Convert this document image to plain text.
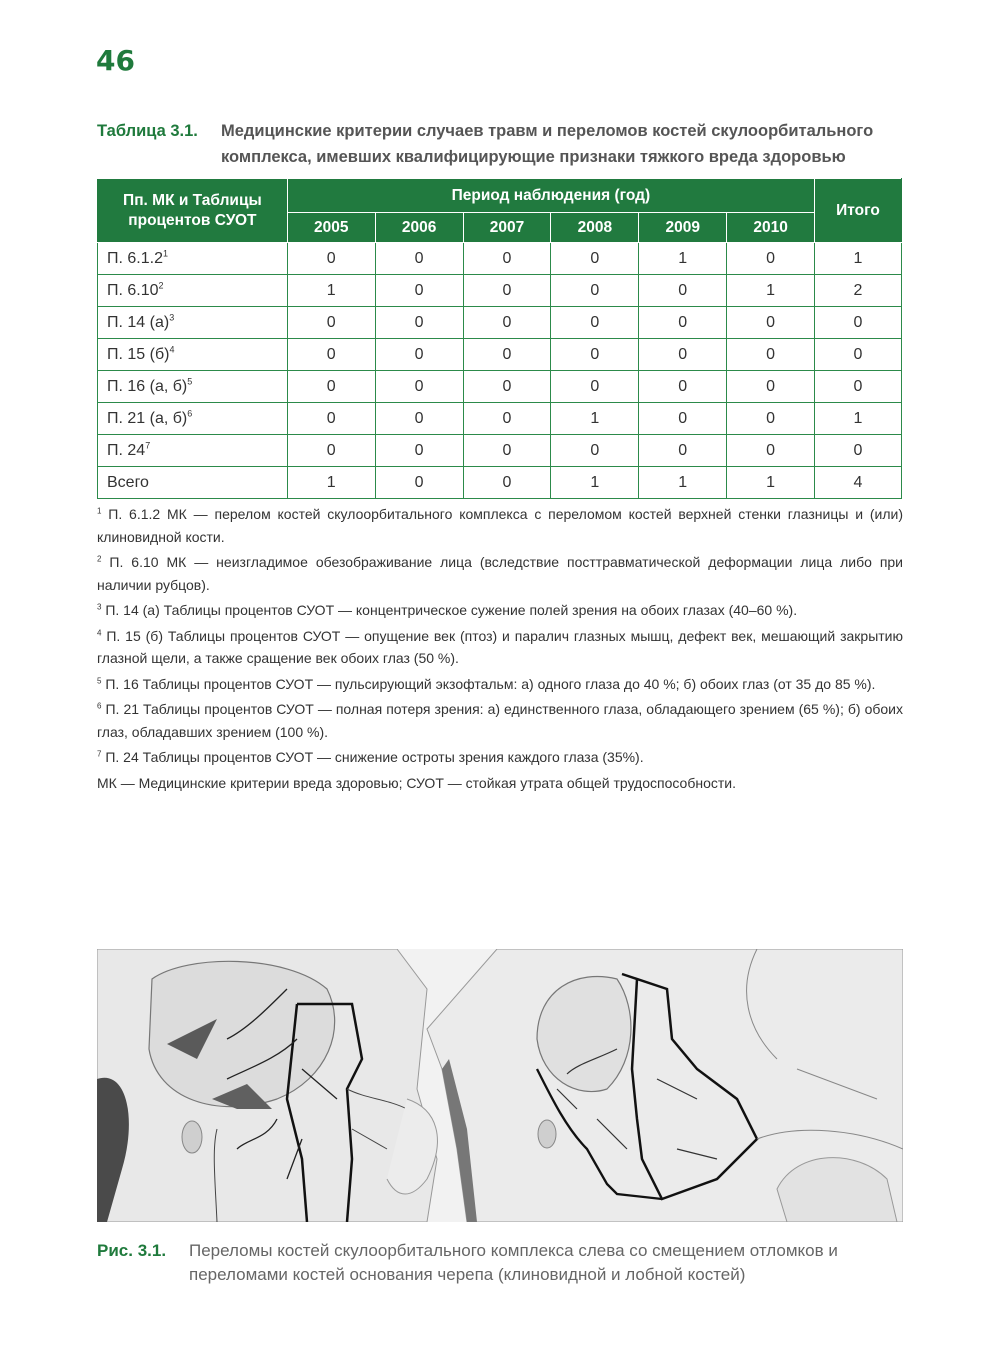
46
Таблица 3.1. Медицинские критерии случаев травм и переломов костей скулоорбитального комплекса, имевших квалифицирующие признаки тяжкого вреда здоровью
Пп. МК и Таблицы процентов СУОТ	Период наблюдения (год)						Итого
	2005	2006	2007	2008	2009	2010	
П. 6.1.2$^1$	0	0	0	0	1	0	1
П. 6.10$^2$	1	0	0	0	0	1	2
П. 14 $(а)^3$	0	0	0	0	0	0	0
П. 15 $(б)^4$	0	0	0	0	0	0	0
П. 16 (а, б)$^5$	0	0	0	0	0	0	0
П. 21 (а, б)$^6$	0	0	0	1	0	0	1
П. $24^7$	0	0	0	0	0	0	0
Всего	1	0	0	1	1	1	4

$^1$ П. 6.1.2 МК — перелом костей скулоорбитального комплекса с переломом костей верхней стенки глазницы и (или) клиновидной кости.

$^2$ П. 6.10 МК — неизгладимое обезображивание лица (вследствие посттравматической деформации лица либо при наличии рубцов).

$^3$ П. 14 (а) Таблицы процентов СУОТ — концентрическое сужение полей зрения на обоих глазах (40–60 %).

$^4$ П. 15 (б) Таблицы процентов СУОТ — опущение век (птоз) и паралич глазных мышц, дефект век, мешающий закрытию глазной щели, а также сращение век обоих глаз (50 %).

$^5$ П. 16 Таблицы процентов СУОТ — пульсирующий экзофтальм: а) одного глаза до 40 %; б) обоих глаз (от 35 до 85 %).

$^6$ П. 21 Таблицы процентов СУОТ — полная потеря зрения: а) единственного глаза, обладающего зрением (65 %); б) обоих глаз, обладавших зрением (100 %).

$^7$ П. 24 Таблицы процентов СУОТ — снижение остроты зрения каждого глаза (35%).

МК — Медицинские критерии вреда здоровью; СУОТ — стойкая утрата общей трудоспособности.

Рис. 3.1. Переломы костей скулоорбитального комплекса слева со смещением отломков и переломами костей основания черепа (клиновидной и лобной костей)
